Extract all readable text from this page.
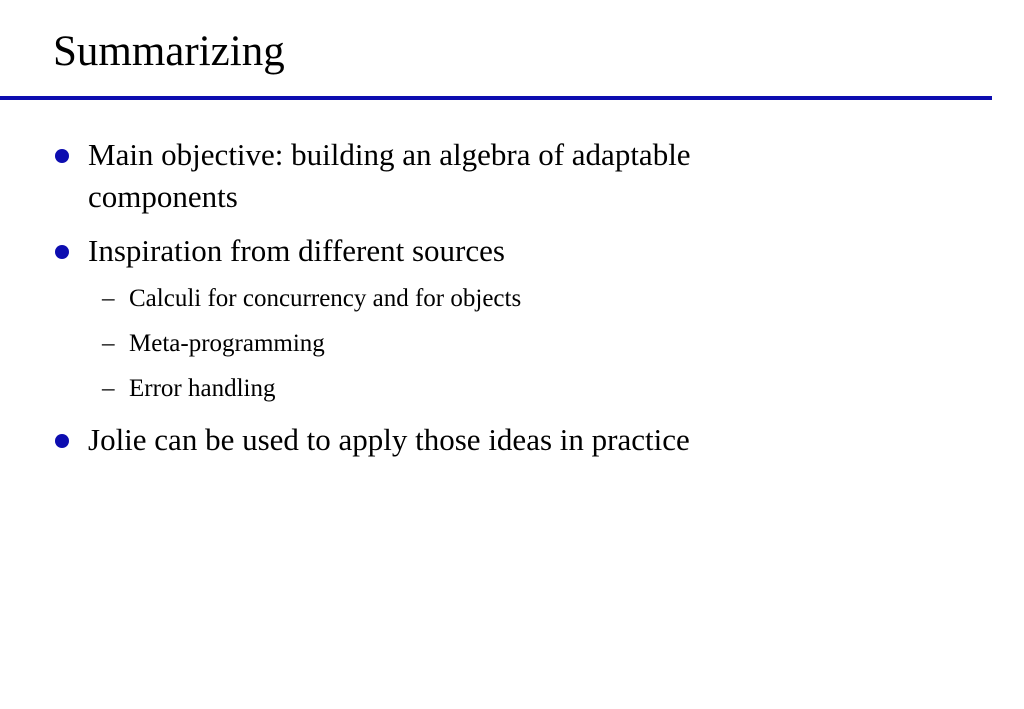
Summarizing
Main objective: building an algebra of adaptable components
Inspiration from different sources
– Calculi for concurrency and for objects
– Meta-programming
– Error handling
Jolie can be used to apply those ideas in practice
